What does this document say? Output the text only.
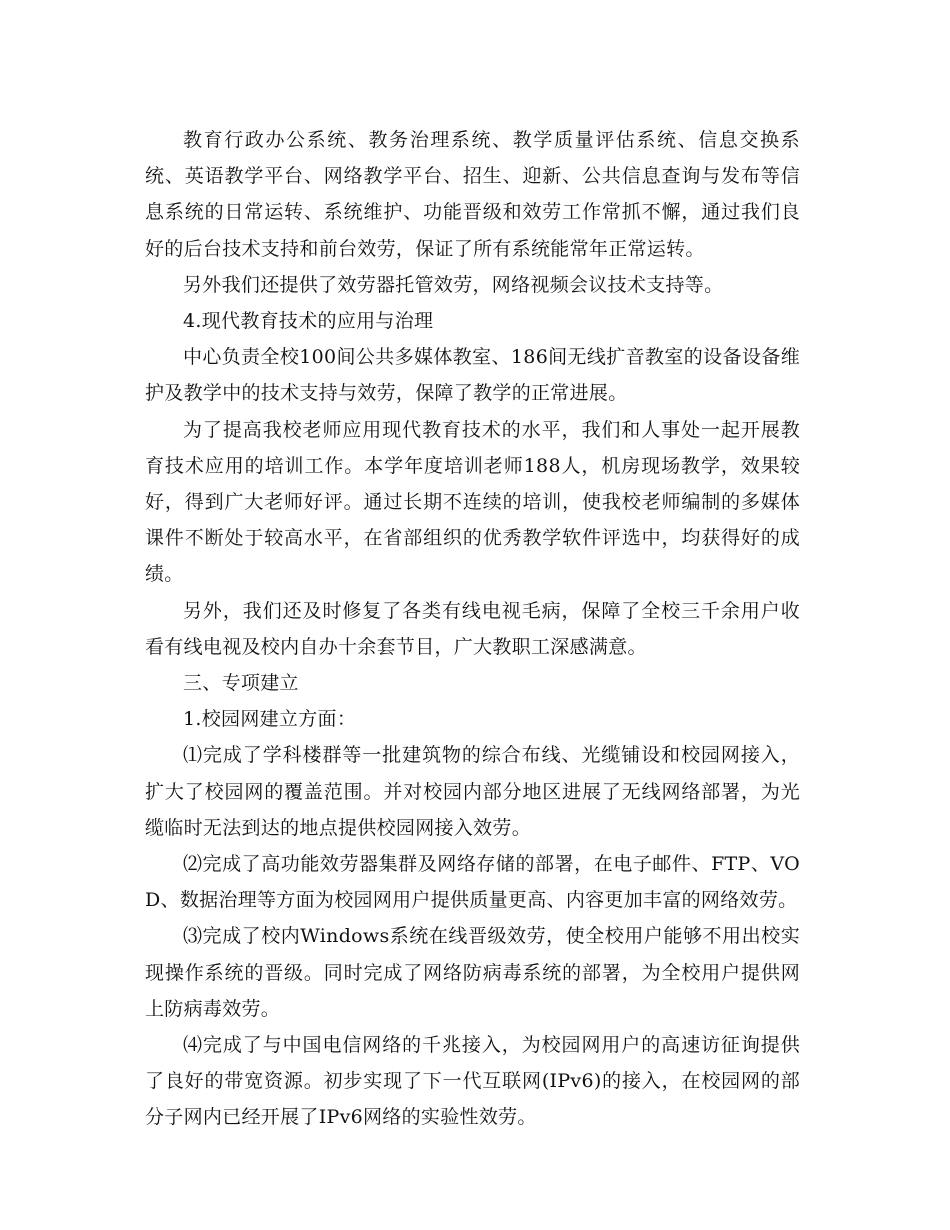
教育行政办公系统、教务治理系统、教学质量评估系统、信息交换系统、英语教学平台、网络教学平台、招生、迎新、公共信息查询与发布等信息系统的日常运转、系统维护、功能晋级和效劳工作常抓不懈，通过我们良好的后台技术支持和前台效劳，保证了所有系统能常年正常运转。

另外我们还提供了效劳器托管效劳，网络视频会议技术支持等。

4.现代教育技术的应用与治理

中心负责全校100间公共多媒体教室、186间无线扩音教室的设备设备维护及教学中的技术支持与效劳，保障了教学的正常进展。

为了提高我校老师应用现代教育技术的水平，我们和人事处一起开展教育技术应用的培训工作。本学年度培训老师188人，机房现场教学，效果较好，得到广大老师好评。通过长期不连续的培训，使我校老师编制的多媒体课件不断处于较高水平，在省部组织的优秀教学软件评选中，均获得好的成绩。

另外，我们还及时修复了各类有线电视毛病，保障了全校三千余用户收看有线电视及校内自办十余套节目，广大教职工深感满意。

三、专项建立

1.校园网建立方面：

⑴完成了学科楼群等一批建筑物的综合布线、光缆铺设和校园网接入，扩大了校园网的覆盖范围。并对校园内部分地区进展了无线网络部署，为光缆临时无法到达的地点提供校园网接入效劳。

⑵完成了高功能效劳器集群及网络存储的部署，在电子邮件、FTP、VOD、数据治理等方面为校园网用户提供质量更高、内容更加丰富的网络效劳。

⑶完成了校内Windows系统在线晋级效劳，使全校用户能够不用出校实现操作系统的晋级。同时完成了网络防病毒系统的部署，为全校用户提供网上防病毒效劳。

⑷完成了与中国电信网络的千兆接入，为校园网用户的高速访征询提供了良好的带宽资源。初步实现了下一代互联网(IPv6)的接入，在校园网的部分子网内已经开展了IPv6网络的实验性效劳。
